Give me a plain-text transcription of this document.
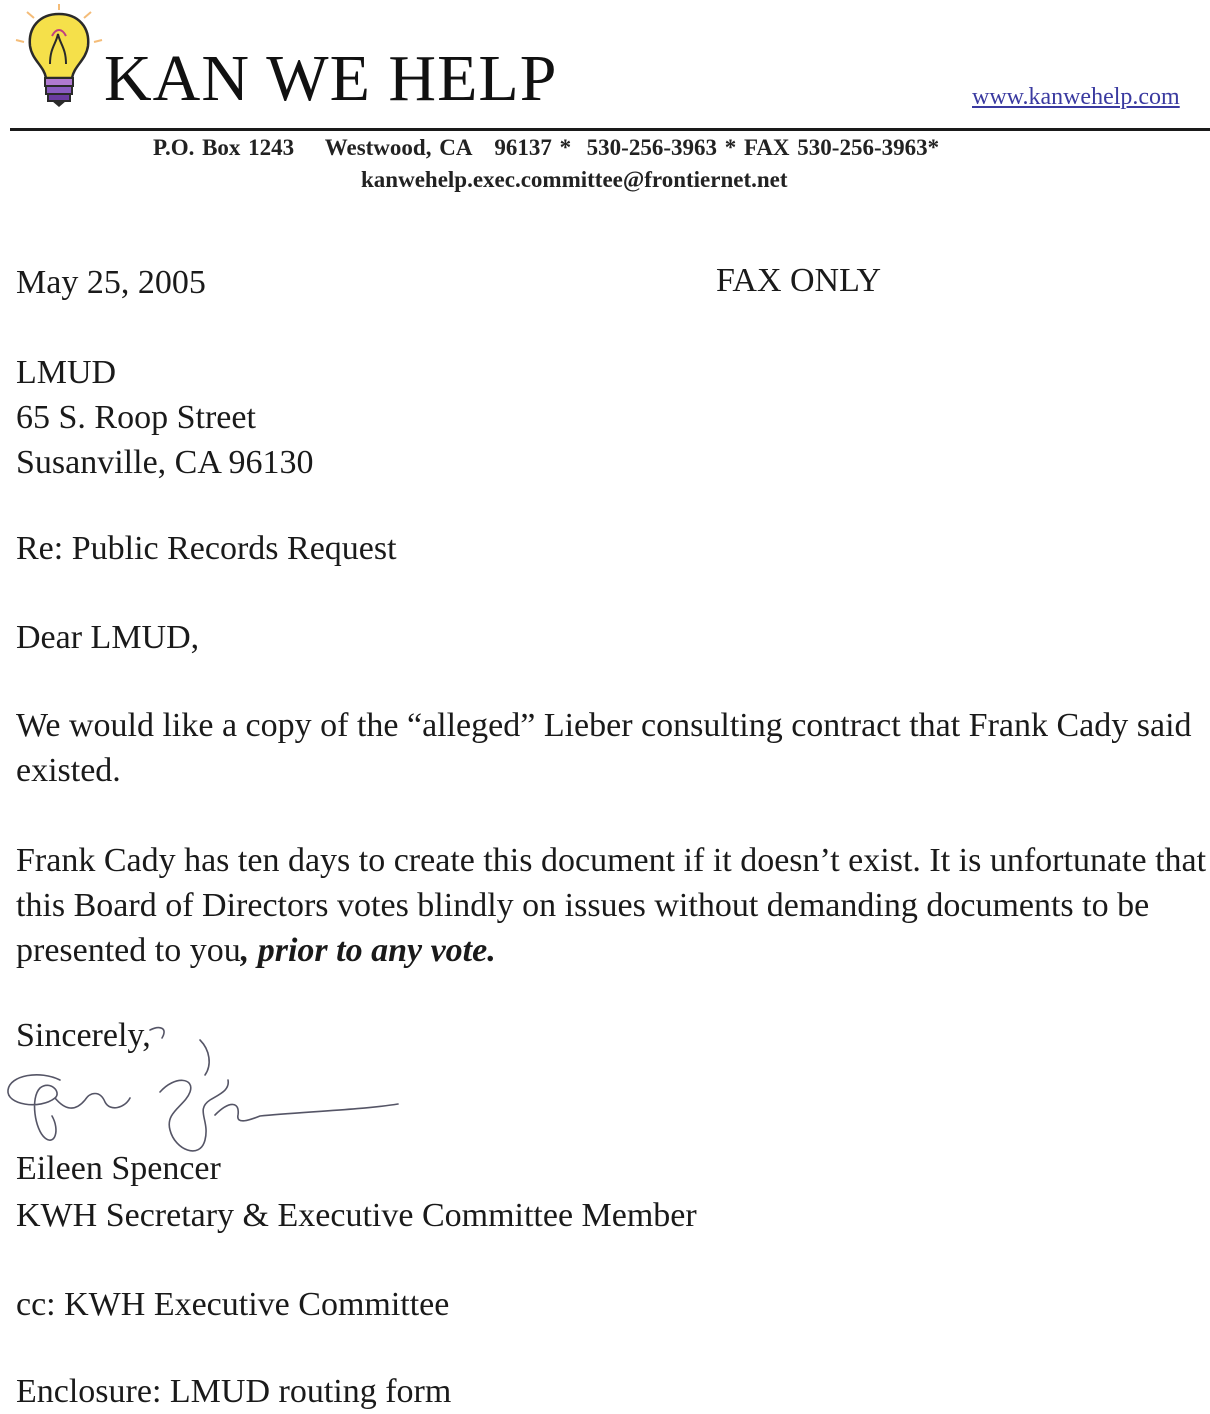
KAN WE HELP	www.kanwehelp.com
P.O. Box 1243    Westwood, CA   96137 *  530-256-3963 * FAX 530-256-3963*
kanwehelp.exec.committee@frontiernet.net
May 25, 2005	FAX ONLY
LMUD
65 S. Roop Street
Susanville, CA 96130
Re: Public Records Request
Dear LMUD,
We would like a copy of the “alleged” Lieber consulting contract that Frank Cady said existed.
Frank Cady has ten days to create this document if it doesn’t exist. It is unfortunate that this Board of Directors votes blindly on issues without demanding documents to be presented to you, prior to any vote.
Sincerely,
Eileen Spencer
KWH Secretary & Executive Committee Member
cc: KWH Executive Committee
Enclosure: LMUD routing form
